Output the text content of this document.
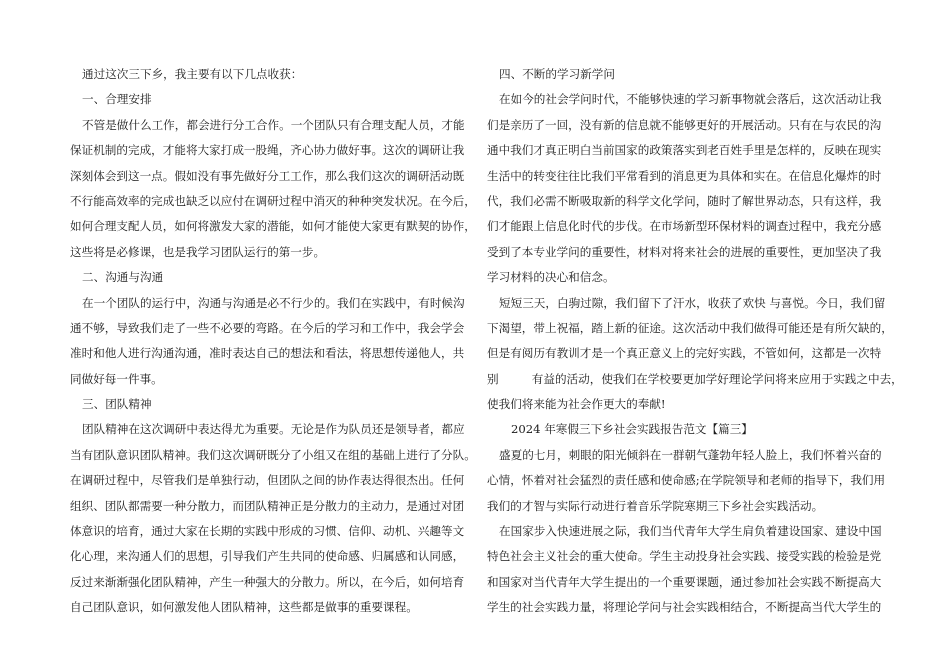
通过这次三下乡，我主要有以下几点收获：
一、合理安排
不管是做什么工作，都会进行分工合作。一个团队只有合理支配人员，才能
保证机制的完成，才能将大家打成一股绳，齐心协力做好事。这次的调研让我
深刻体会到这一点。假如没有事先做好分工工作，那么我们这次的调研活动既
不行能高效率的完成也缺乏以应付在调研过程中消灭的种种突发状况。在今后，
如何合理支配人员，如何将激发大家的潜能，如何才能使大家更有默契的协作，
这些将是必修课，也是我学习团队运行的第一步。
二、沟通与沟通
在一个团队的运行中，沟通与沟通是必不行少的。我们在实践中，有时候沟
通不够，导致我们走了一些不必要的弯路。在今后的学习和工作中，我会学会
准时和他人进行沟通沟通，准时表达自己的想法和看法，将思想传递他人，共
同做好每一件事。
三、团队精神
团队精神在这次调研中表达得尤为重要。无论是作为队员还是领导者，都应
当有团队意识团队精神。我们这次调研既分了小组又在组的基础上进行了分队。
在调研过程中，尽管我们是单独行动，但团队之间的协作表达得很杰出。任何
组织、团队都需要一种分散力，而团队精神正是分散力的主动力，是通过对团
体意识的培育，通过大家在长期的实践中形成的习惯、信仰、动机、兴趣等文
化心理，来沟通人们的思想，引导我们产生共同的使命感、归属感和认同感，
反过来渐渐强化团队精神，产生一种强大的分散力。所以，在今后，如何培育
自己团队意识，如何激发他人团队精神，这些都是做事的重要课程。
四、不断的学习新学问
在如今的社会学问时代，不能够快速的学习新事物就会落后，这次活动让我
们是亲历了一回，没有新的信息就不能够更好的开展活动。只有在与农民的沟
通中我们才真正明白当前国家的政策落实到老百姓手里是怎样的，反映在现实
生活中的转变往往比我们平常看到的消息更为具体和实在。在信息化爆炸的时
代，我们必需不断吸取新的科学文化学问，随时了解世界动态，只有这样，我
们才能跟上信息化时代的步伐。在市场新型环保材料的调查过程中，我充分感
受到了本专业学问的重要性，材料对将来社会的进展的重要性，更加坚决了我
学习材料的决心和信念。
短短三天，白驹过隙，我们留下了汗水，收获了欢快 与喜悦。今日，我们留
下渴望，带上祝福，踏上新的征途。这次活动中我们做得可能还是有所欠缺的，
但是有阅历有教训才是一个真正意义上的完好实践，不管如何，这都是一次特
别         有益的活动，使我们在学校要更加学好理论学问将来应用于实践之中去，
使我们将来能为社会作更大的奉献!
2024 年寒假三下乡社会实践报告范文【篇三】
盛夏的七月，刺眼的阳光倾斜在一群朝气蓬勃年轻人脸上，我们怀着兴奋的
心情，怀着对社会猛烈的责任感和使命感;在学院领导和老师的指导下，我们用
我们的才智与实际行动进行着音乐学院寒期三下乡社会实践活动。
在国家步入快速进展之际，我们当代青年大学生肩负着建设国家、建设中国
特色社会主义社会的重大使命。学生主动投身社会实践、接受实践的检验是党
和国家对当代青年大学生提出的一个重要课题，通过参加社会实践不断提高大
学生的社会实践力量，将理论学问与社会实践相结合，不断提高当代大学生的
